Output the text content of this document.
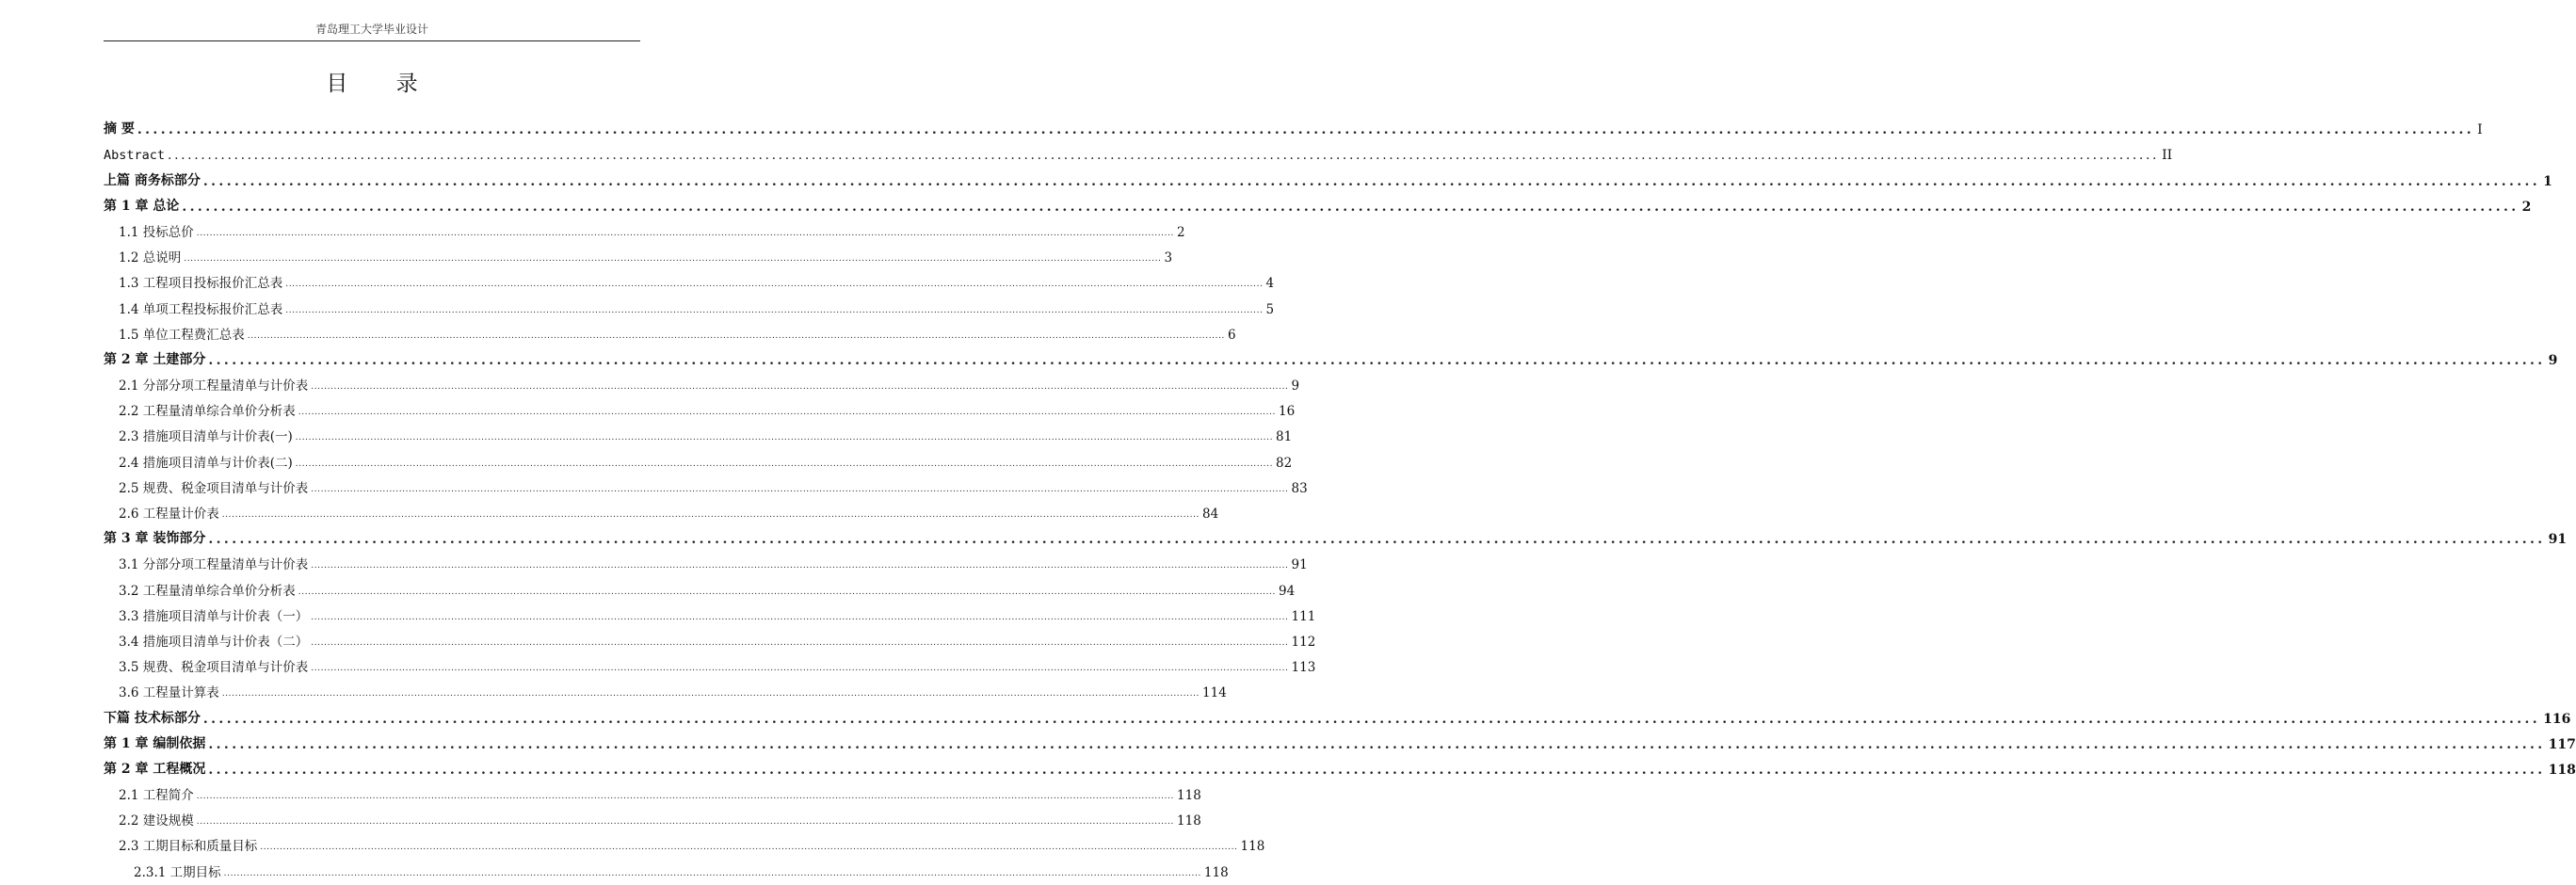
青岛理工大学毕业设计
目 录
摘 要 ............................................................................................................................................................................................................................................................................................................ I
Abstract ............................................................................................................................................................................................................................................................................................................ II
上篇 商务标部分 ............................................................................................................................................................................................................................................................................................................ 1
第 1 章 总论 ............................................................................................................................................................................................................................................................................................................ 2
1.1 投标总价 ............................................................................................................................................................................................................................................................................................................ 2
1.2 总说明 ............................................................................................................................................................................................................................................................................................................ 3
1.3 工程项目投标报价汇总表 ............................................................................................................................................................................................................................................................................................................ 4
1.4 单项工程投标报价汇总表 ............................................................................................................................................................................................................................................................................................................ 5
1.5 单位工程费汇总表 ............................................................................................................................................................................................................................................................................................................ 6
第 2 章 土建部分 ............................................................................................................................................................................................................................................................................................................ 9
2.1 分部分项工程量清单与计价表 ............................................................................................................................................................................................................................................................................................................ 9
2.2 工程量清单综合单价分析表 ............................................................................................................................................................................................................................................................................................................ 16
2.3 措施项目清单与计价表(一) ............................................................................................................................................................................................................................................................................................................ 81
2.4 措施项目清单与计价表(二) ............................................................................................................................................................................................................................................................................................................ 82
2.5 规费、税金项目清单与计价表 ............................................................................................................................................................................................................................................................................................................ 83
2.6 工程量计价表 ............................................................................................................................................................................................................................................................................................................ 84
第 3 章 装饰部分 ............................................................................................................................................................................................................................................................................................................ 91
3.1 分部分项工程量清单与计价表 ............................................................................................................................................................................................................................................................................................................ 91
3.2 工程量清单综合单价分析表 ............................................................................................................................................................................................................................................................................................................ 94
3.3 措施项目清单与计价表（一） ............................................................................................................................................................................................................................................................................................................ 111
3.4 措施项目清单与计价表（二） ............................................................................................................................................................................................................................................................................................................ 112
3.5 规费、税金项目清单与计价表 ............................................................................................................................................................................................................................................................................................................ 113
3.6 工程量计算表 ............................................................................................................................................................................................................................................................................................................ 114
下篇 技术标部分 ............................................................................................................................................................................................................................................................................................................ 116
第 1 章 编制依据 ............................................................................................................................................................................................................................................................................................................ 117
第 2 章 工程概况 ............................................................................................................................................................................................................................................................................................................ 118
2.1 工程简介 ............................................................................................................................................................................................................................................................................................................ 118
2.2 建设规模 ............................................................................................................................................................................................................................................................................................................ 118
2.3 工期目标和质量目标 ............................................................................................................................................................................................................................................................................................................ 118
2.3.1 工期目标 ............................................................................................................................................................................................................................................................................................................ 118
